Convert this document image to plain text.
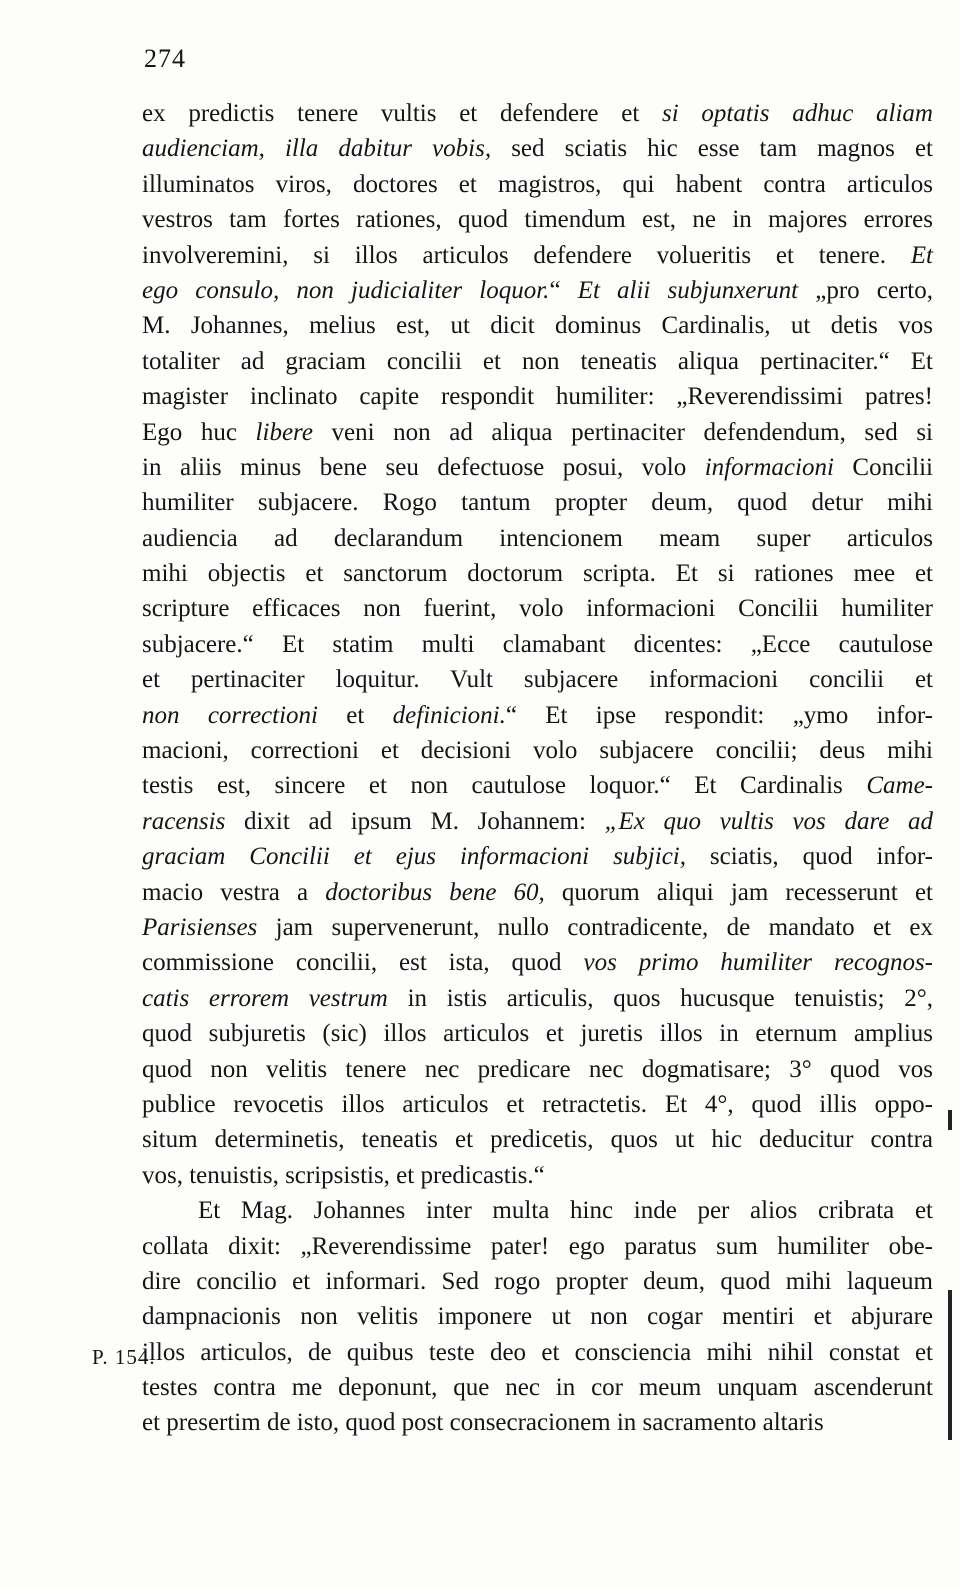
274
P. 154.
ex predictis tenere vultis et defendere et si optatis adhuc aliam
audienciam, illa dabitur vobis, sed sciatis hic esse tam magnos et
illuminatos viros, doctores et magistros, qui habent contra articulos
vestros tam fortes rationes, quod timendum est, ne in majores errores
involveremini, si illos articulos defendere volueritis et tenere. Et
ego consulo, non judicialiter loquor.“ Et alii subjunxerunt „pro certo,
M. Johannes, melius est, ut dicit dominus Cardinalis, ut detis vos
totaliter ad graciam concilii et non teneatis aliqua pertinaciter.“ Et
magister inclinato capite respondit humiliter: „Reverendissimi patres!
Ego huc libere veni non ad aliqua pertinaciter defendendum, sed si
in aliis minus bene seu defectuose posui, volo informacioni Concilii
humiliter subjacere. Rogo tantum propter deum, quod detur mihi
audiencia ad declarandum intencionem meam super articulos
mihi objectis et sanctorum doctorum scripta. Et si rationes mee et
scripture efficaces non fuerint, volo informacioni Concilii humiliter
subjacere.“ Et statim multi clamabant dicentes: „Ecce cautulose
et pertinaciter loquitur. Vult subjacere informacioni concilii et
non correctioni et definicioni.“ Et ipse respondit: „ymo infor-
macioni, correctioni et decisioni volo subjacere concilii; deus mihi
testis est, sincere et non cautulose loquor.“ Et Cardinalis Came-
racensis dixit ad ipsum M. Johannem: „Ex quo vultis vos dare ad
graciam Concilii et ejus informacioni subjici, sciatis, quod infor-
macio vestra a doctoribus bene 60, quorum aliqui jam recesserunt et
Parisienses jam supervenerunt, nullo contradicente, de mandato et ex
commissione concilii, est ista, quod vos primo humiliter recognos-
catis errorem vestrum in istis articulis, quos hucusque tenuistis; 2°,
quod subjuretis (sic) illos articulos et juretis illos in eternum amplius
quod non velitis tenere nec predicare nec dogmatisare; 3° quod vos
publice revocetis illos articulos et retractetis. Et 4°, quod illis oppo-
situm determinetis, teneatis et predicetis, quos ut hic deducitur contra
vos, tenuistis, scripsistis, et predicastis.“
Et Mag. Johannes inter multa hinc inde per alios cribrata et
collata dixit: „Reverendissime pater! ego paratus sum humiliter obe-
dire concilio et informari. Sed rogo propter deum, quod mihi laqueum
dampnacionis non velitis imponere ut non cogar mentiri et abjurare
illos articulos, de quibus teste deo et consciencia mihi nihil constat et
testes contra me deponunt, que nec in cor meum unquam ascenderunt
et presertim de isto, quod post consecracionem in sacramento altaris
